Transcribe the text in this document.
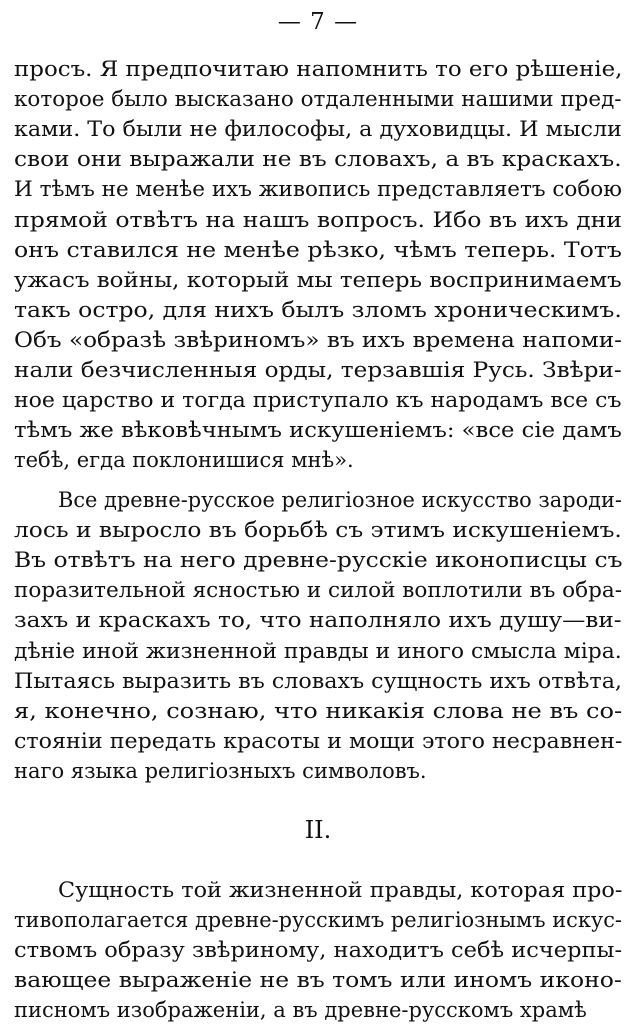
— 7 —
просъ. Я предпочитаю напомнить то его рѣшеніе,
которое было высказано отдаленными нашими пред-
ками. То были не философы, а духовидцы. И мысли
свои они выражали не въ словахъ, а въ краскахъ.
И тѣмъ не менѣе ихъ живопись представляетъ собою
прямой отвѣтъ на нашъ вопросъ. Ибо въ ихъ дни
онъ ставился не менѣе рѣзко, чѣмъ теперь. Тотъ
ужасъ войны, который мы теперь воспринимаемъ
такъ остро, для нихъ былъ зломъ хроническимъ.
Объ «образѣ звѣриномъ» въ ихъ времена напоми-
нали безчисленныя орды, терзавшія Русь. Звѣри-
ное царство и тогда приступало къ народамъ все съ
тѣмъ же вѣковѣчнымъ искушеніемъ: «все сіе дамъ
тебѣ, егда поклонишися мнѣ».
Все древне-русское религіозное искусство зароди-
лось и выросло въ борьбѣ съ этимъ искушеніемъ.
Въ отвѣтъ на него древне-русскіе иконописцы съ
поразительной ясностью и силой воплотили въ обра-
захъ и краскахъ то, что наполняло ихъ душу—ви-
дѣніе иной жизненной правды и иного смысла міра.
Пытаясь выразить въ словахъ сущность ихъ отвѣта,
я, конечно, сознаю, что никакія слова не въ со-
стояніи передать красоты и мощи этого несравнен-
наго языка религіозныхъ символовъ.
II.
Сущность той жизненной правды, которая про-
тивополагается древне-русскимъ религіознымъ искус-
ствомъ образу звѣриному, находитъ себѣ исчерпы-
вающее выраженіе не въ томъ или иномъ иконо-
писномъ изображеніи, а въ древне-русскомъ храмѣ
